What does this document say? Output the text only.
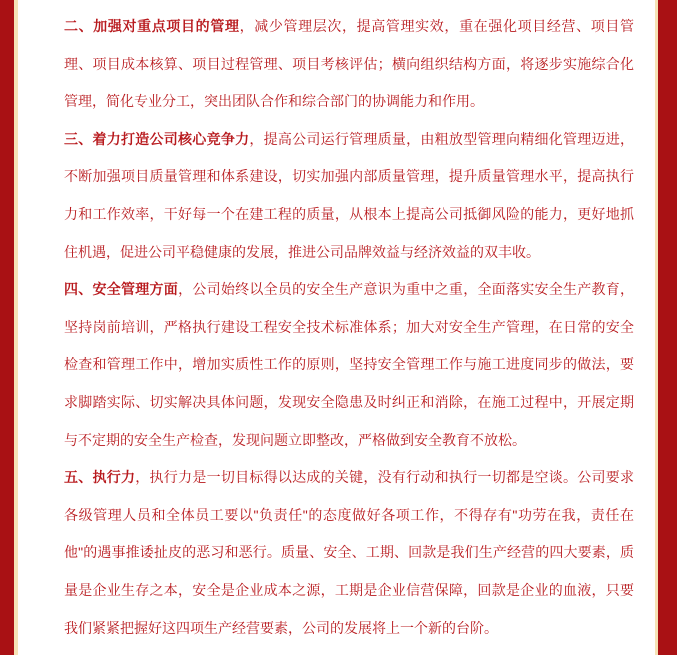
二、加强对重点项目的管理，减少管理层次，提高管理实效，重在强化项目经营、项目管理、项目成本核算、项目过程管理、项目考核评估；横向组织结构方面，将逐步实施综合化管理，简化专业分工，突出团队合作和综合部门的协调能力和作用。

三、着力打造公司核心竞争力，提高公司运行管理质量，由粗放型管理向精细化管理迈进，不断加强项目质量管理和体系建设，切实加强内部质量管理，提升质量管理水平，提高执行力和工作效率，干好每一个在建工程的质量，从根本上提高公司抵御风险的能力，更好地抓住机遇，促进公司平稳健康的发展，推进公司品牌效益与经济效益的双丰收。

四、安全管理方面，公司始终以全员的安全生产意识为重中之重，全面落实安全生产教育，坚持岗前培训，严格执行建设工程安全技术标准体系；加大对安全生产管理，在日常的安全检查和管理工作中，增加实质性工作的原则，坚持安全管理工作与施工进度同步的做法，要求脚踏实际、切实解决具体问题，发现安全隐患及时纠正和消除，在施工过程中，开展定期与不定期的安全生产检查，发现问题立即整改，严格做到安全教育不放松。

五、执行力，执行力是一切目标得以达成的关键，没有行动和执行一切都是空谈。公司要求各级管理人员和全体员工要以"负责任"的态度做好各项工作，不得存有"功劳在我，责任在他"的遇事推诿扯皮的恶习和恶行。质量、安全、工期、回款是我们生产经营的四大要素，质量是企业生存之本，安全是企业成本之源，工期是企业信营保障，回款是企业的血液，只要我们紧紧把握好这四项生产经营要素，公司的发展将上一个新的台阶。
